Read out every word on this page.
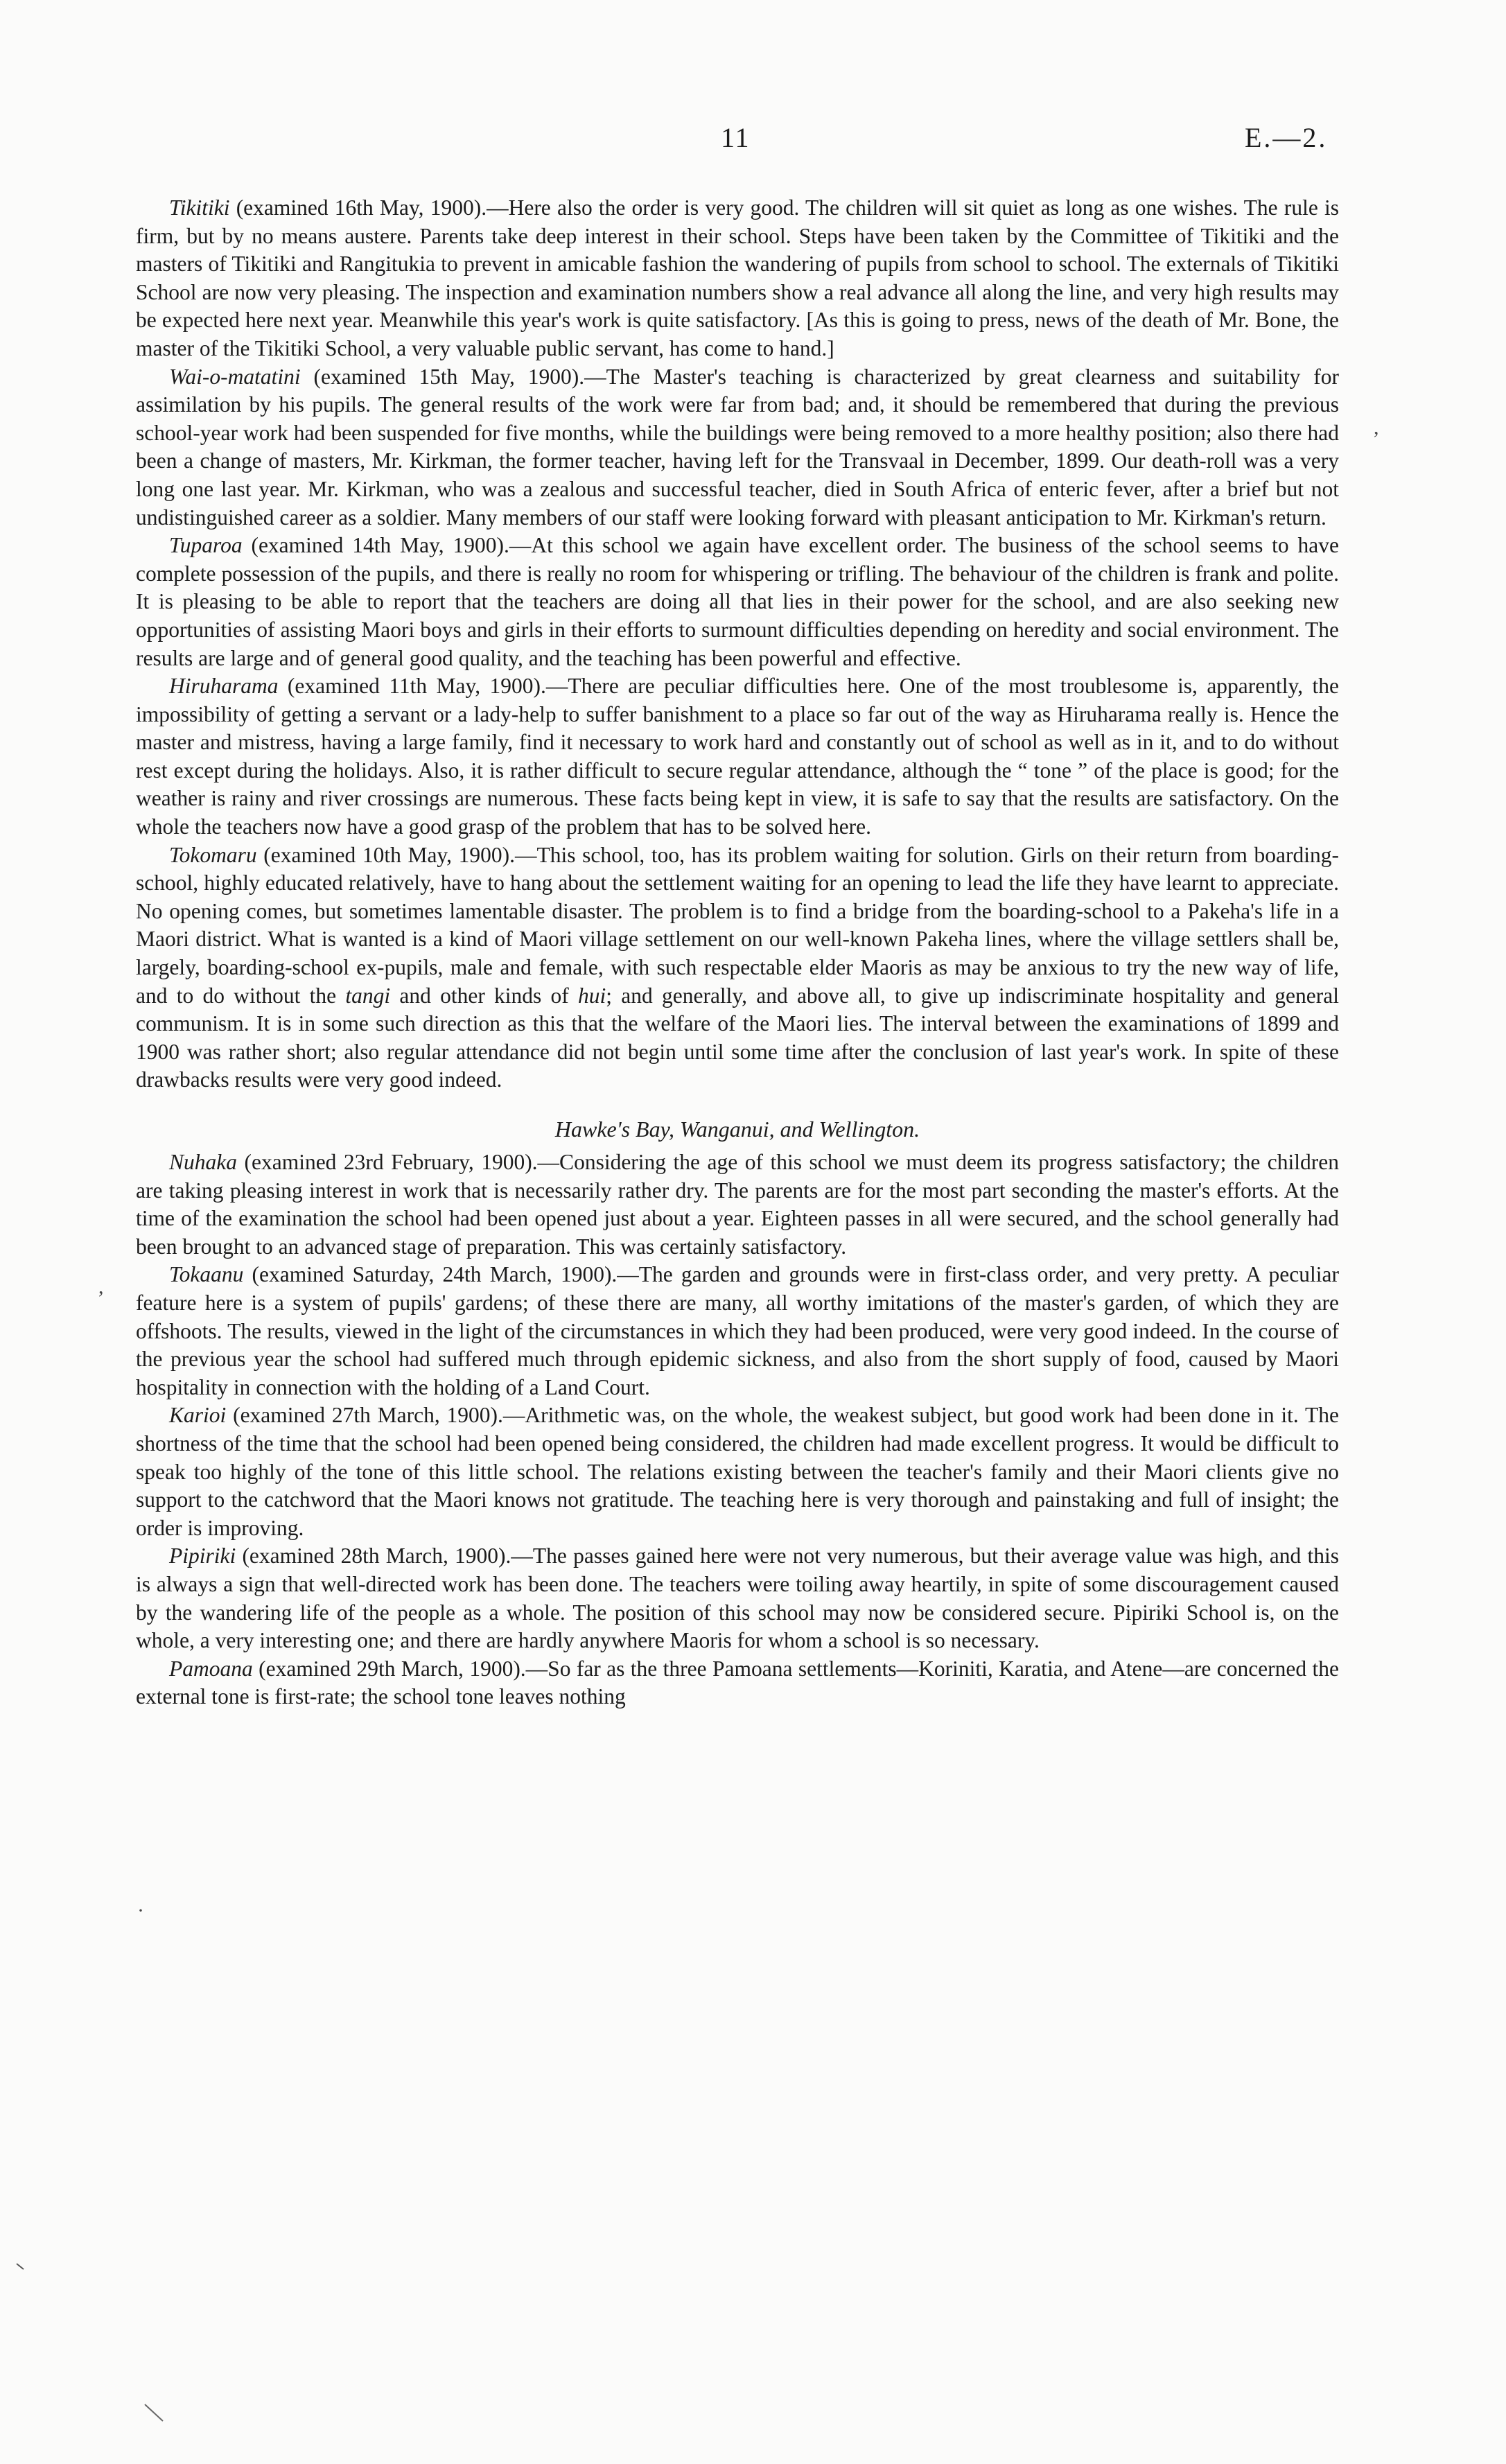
11	E.—2.

Tikitiki (examined 16th May, 1900).—Here also the order is very good. The children will sit quiet as long as one wishes. The rule is firm, but by no means austere. Parents take deep interest in their school. Steps have been taken by the Committee of Tikitiki and the masters of Tikitiki and Rangitukia to prevent in amicable fashion the wandering of pupils from school to school. The externals of Tikitiki School are now very pleasing. The inspection and examination numbers show a real advance all along the line, and very high results may be expected here next year. Meanwhile this year's work is quite satisfactory. [As this is going to press, news of the death of Mr. Bone, the master of the Tikitiki School, a very valuable public servant, has come to hand.]

Wai-o-matatini (examined 15th May, 1900).—The Master's teaching is characterized by great clearness and suitability for assimilation by his pupils. The general results of the work were far from bad; and, it should be remembered that during the previous school-year work had been suspended for five months, while the buildings were being removed to a more healthy position; also there had been a change of masters, Mr. Kirkman, the former teacher, having left for the Transvaal in December, 1899. Our death-roll was a very long one last year. Mr. Kirkman, who was a zealous and successful teacher, died in South Africa of enteric fever, after a brief but not undistinguished career as a soldier. Many members of our staff were looking forward with pleasant anticipation to Mr. Kirkman's return.

Tuparoa (examined 14th May, 1900).—At this school we again have excellent order. The business of the school seems to have complete possession of the pupils, and there is really no room for whispering or trifling. The behaviour of the children is frank and polite. It is pleasing to be able to report that the teachers are doing all that lies in their power for the school, and are also seeking new opportunities of assisting Maori boys and girls in their efforts to surmount difficulties depending on heredity and social environment. The results are large and of general good quality, and the teaching has been powerful and effective.

Hiruharama (examined 11th May, 1900).—There are peculiar difficulties here. One of the most troublesome is, apparently, the impossibility of getting a servant or a lady-help to suffer banishment to a place so far out of the way as Hiruharama really is. Hence the master and mistress, having a large family, find it necessary to work hard and constantly out of school as well as in it, and to do without rest except during the holidays. Also, it is rather difficult to secure regular attendance, although the “ tone ” of the place is good; for the weather is rainy and river crossings are numerous. These facts being kept in view, it is safe to say that the results are satisfactory. On the whole the teachers now have a good grasp of the problem that has to be solved here.

Tokomaru (examined 10th May, 1900).—This school, too, has its problem waiting for solution. Girls on their return from boarding-school, highly educated relatively, have to hang about the settlement waiting for an opening to lead the life they have learnt to appreciate. No opening comes, but sometimes lamentable disaster. The problem is to find a bridge from the boarding-school to a Pakeha's life in a Maori district. What is wanted is a kind of Maori village settlement on our well-known Pakeha lines, where the village settlers shall be, largely, boarding-school ex-pupils, male and female, with such respectable elder Maoris as may be anxious to try the new way of life, and to do without the tangi and other kinds of hui; and generally, and above all, to give up indiscriminate hospitality and general communism. It is in some such direction as this that the welfare of the Maori lies. The interval between the examinations of 1899 and 1900 was rather short; also regular attendance did not begin until some time after the conclusion of last year's work. In spite of these drawbacks results were very good indeed.

Hawke's Bay, Wanganui, and Wellington.

Nuhaka (examined 23rd February, 1900).—Considering the age of this school we must deem its progress satisfactory; the children are taking pleasing interest in work that is necessarily rather dry. The parents are for the most part seconding the master's efforts. At the time of the examination the school had been opened just about a year. Eighteen passes in all were secured, and the school generally had been brought to an advanced stage of preparation. This was certainly satisfactory.

Tokaanu (examined Saturday, 24th March, 1900).—The garden and grounds were in first-class order, and very pretty. A peculiar feature here is a system of pupils' gardens; of these there are many, all worthy imitations of the master's garden, of which they are offshoots. The results, viewed in the light of the circumstances in which they had been produced, were very good indeed. In the course of the previous year the school had suffered much through epidemic sickness, and also from the short supply of food, caused by Maori hospitality in connection with the holding of a Land Court.

Karioi (examined 27th March, 1900).—Arithmetic was, on the whole, the weakest subject, but good work had been done in it. The shortness of the time that the school had been opened being considered, the children had made excellent progress. It would be difficult to speak too highly of the tone of this little school. The relations existing between the teacher's family and their Maori clients give no support to the catchword that the Maori knows not gratitude. The teaching here is very thorough and painstaking and full of insight; the order is improving.

Pipiriki (examined 28th March, 1900).—The passes gained here were not very numerous, but their average value was high, and this is always a sign that well-directed work has been done. The teachers were toiling away heartily, in spite of some discouragement caused by the wandering life of the people as a whole. The position of this school may now be considered secure. Pipiriki School is, on the whole, a very interesting one; and there are hardly anywhere Maoris for whom a school is so necessary.

Pamoana (examined 29th March, 1900).—So far as the three Pamoana settlements—Koriniti, Karatia, and Atene—are concerned the external tone is first-rate; the school tone leaves nothing

,
,
·
